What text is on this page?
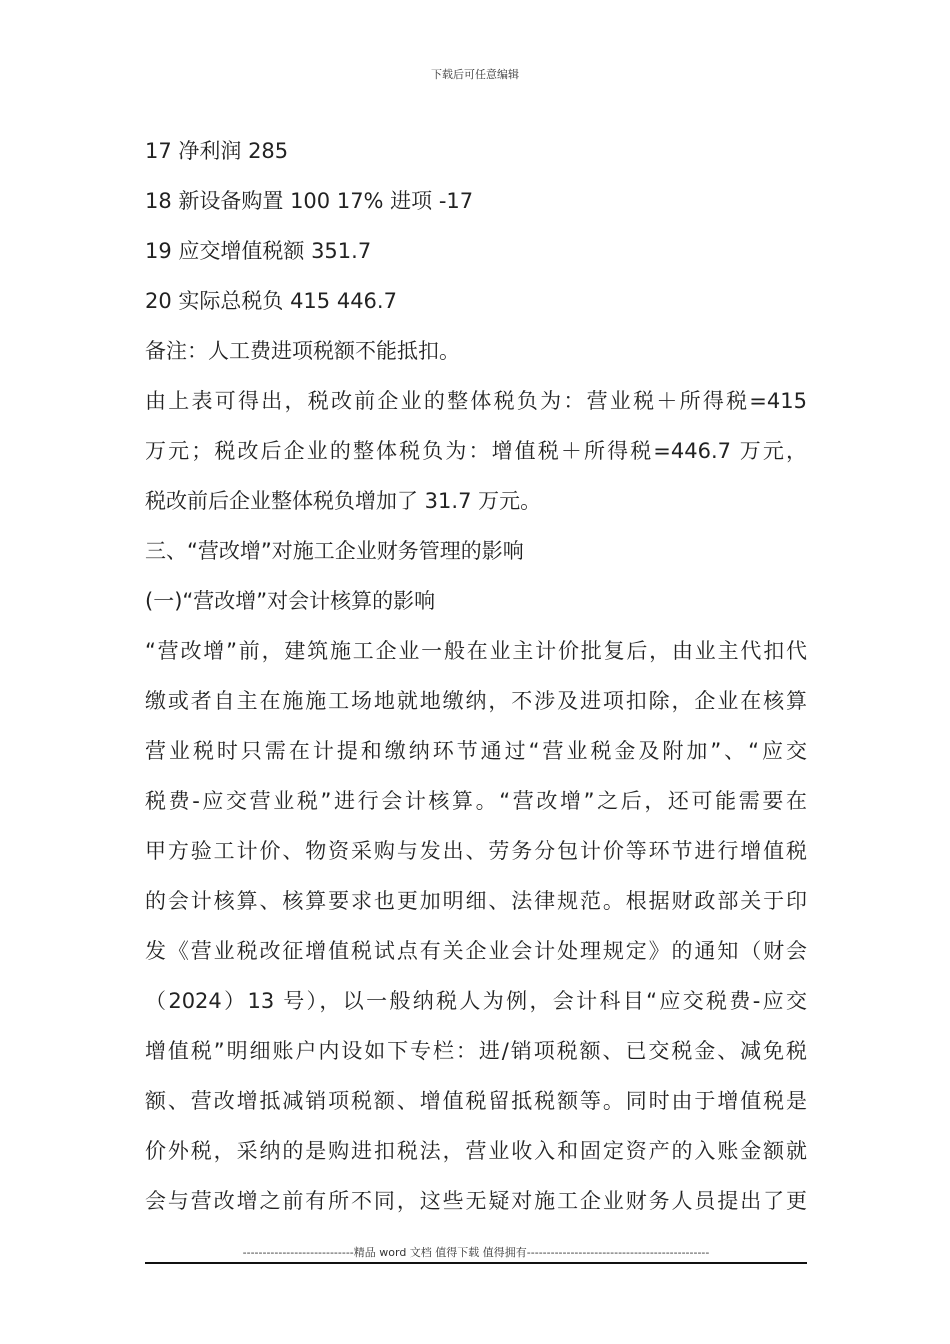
下载后可任意编辑
17 净利润 285
18 新设备购置 100 17% 进项 -17
19 应交增值税额 351.7
20 实际总税负 415 446.7
备注：人工费进项税额不能抵扣。
由上表可得出，税改前企业的整体税负为：营业税＋所得税=415
万元；税改后企业的整体税负为：增值税＋所得税=446.7 万元，
税改前后企业整体税负增加了 31.7 万元。
三、“营改增”对施工企业财务管理的影响
(一)“营改增”对会计核算的影响
“营改增”前，建筑施工企业一般在业主计价批复后，由业主代扣代
缴或者自主在施施工场地就地缴纳，不涉及进项扣除，企业在核算
营业税时只需在计提和缴纳环节通过“营业税金及附加”、“应交
税费-应交营业税”进行会计核算。“营改增”之后，还可能需要在
甲方验工计价、物资采购与发出、劳务分包计价等环节进行增值税
的会计核算、核算要求也更加明细、法律规范。根据财政部关于印
发《营业税改征增值税试点有关企业会计处理规定》的通知（财会
（2024）13 号），以一般纳税人为例，会计科目“应交税费-应交
增值税”明细账户内设如下专栏：进/销项税额、已交税金、减免税
额、营改增抵减销项税额、增值税留抵税额等。同时由于增值税是
价外税，采纳的是购进扣税法，营业收入和固定资产的入账金额就
会与营改增之前有所不同，这些无疑对施工企业财务人员提出了更
----------------------------精品 word 文档 值得下载 值得拥有----------------------------------------------
